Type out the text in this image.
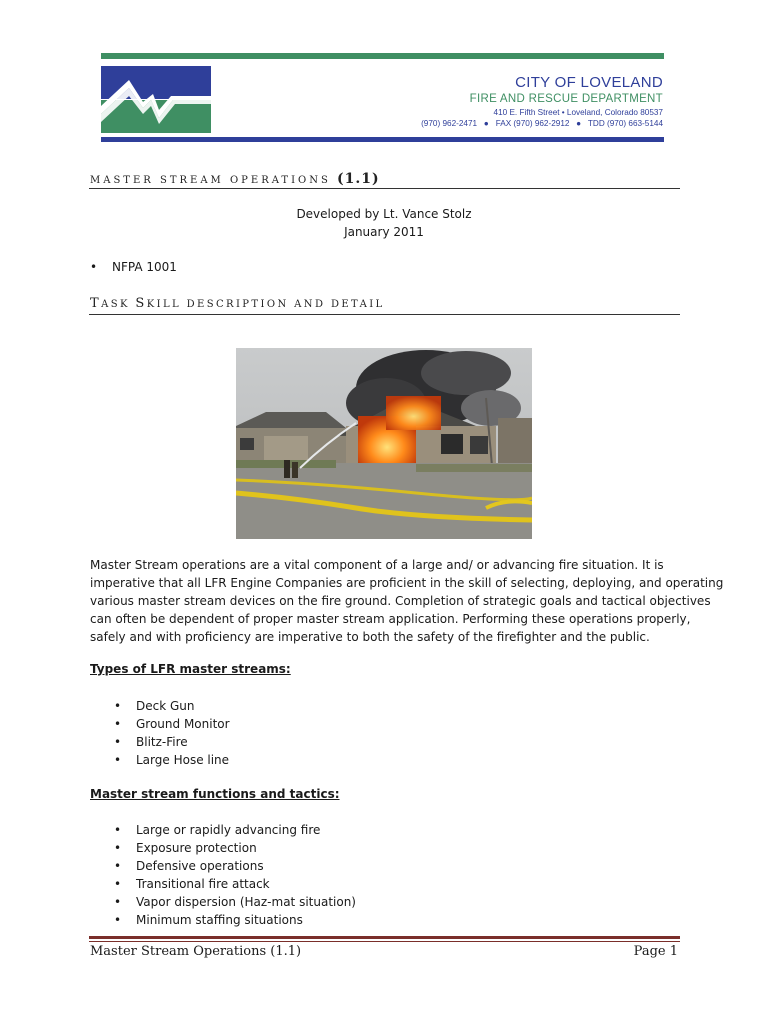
CITY OF LOVELAND
FIRE AND RESCUE DEPARTMENT
410 E. Fifth Street • Loveland, Colorado 80537
(970) 962-2471 ● FAX (970) 962-2912 ● TDD (970) 663-5144
MASTER STREAM OPERATIONS (1.1)
Developed by Lt. Vance Stolz
January 2011
• NFPA 1001
TASK SKILL DESCRIPTION AND DETAIL
Master Stream operations are a vital component of a large and/ or advancing fire situation. It is
imperative that all LFR Engine Companies are proficient in the skill of selecting, deploying, and operating
various master stream devices on the fire ground. Completion of strategic goals and tactical objectives
can often be dependent of proper master stream application. Performing these operations properly,
safely and with proficiency are imperative to both the safety of the firefighter and the public.
Types of LFR master streams:
• Deck Gun
• Ground Monitor
• Blitz-Fire
• Large Hose line
Master stream functions and tactics:
• Large or rapidly advancing fire
• Exposure protection
• Defensive operations
• Transitional fire attack
• Vapor dispersion (Haz-mat situation)
• Minimum staffing situations
Master Stream Operations (1.1)	Page 1
